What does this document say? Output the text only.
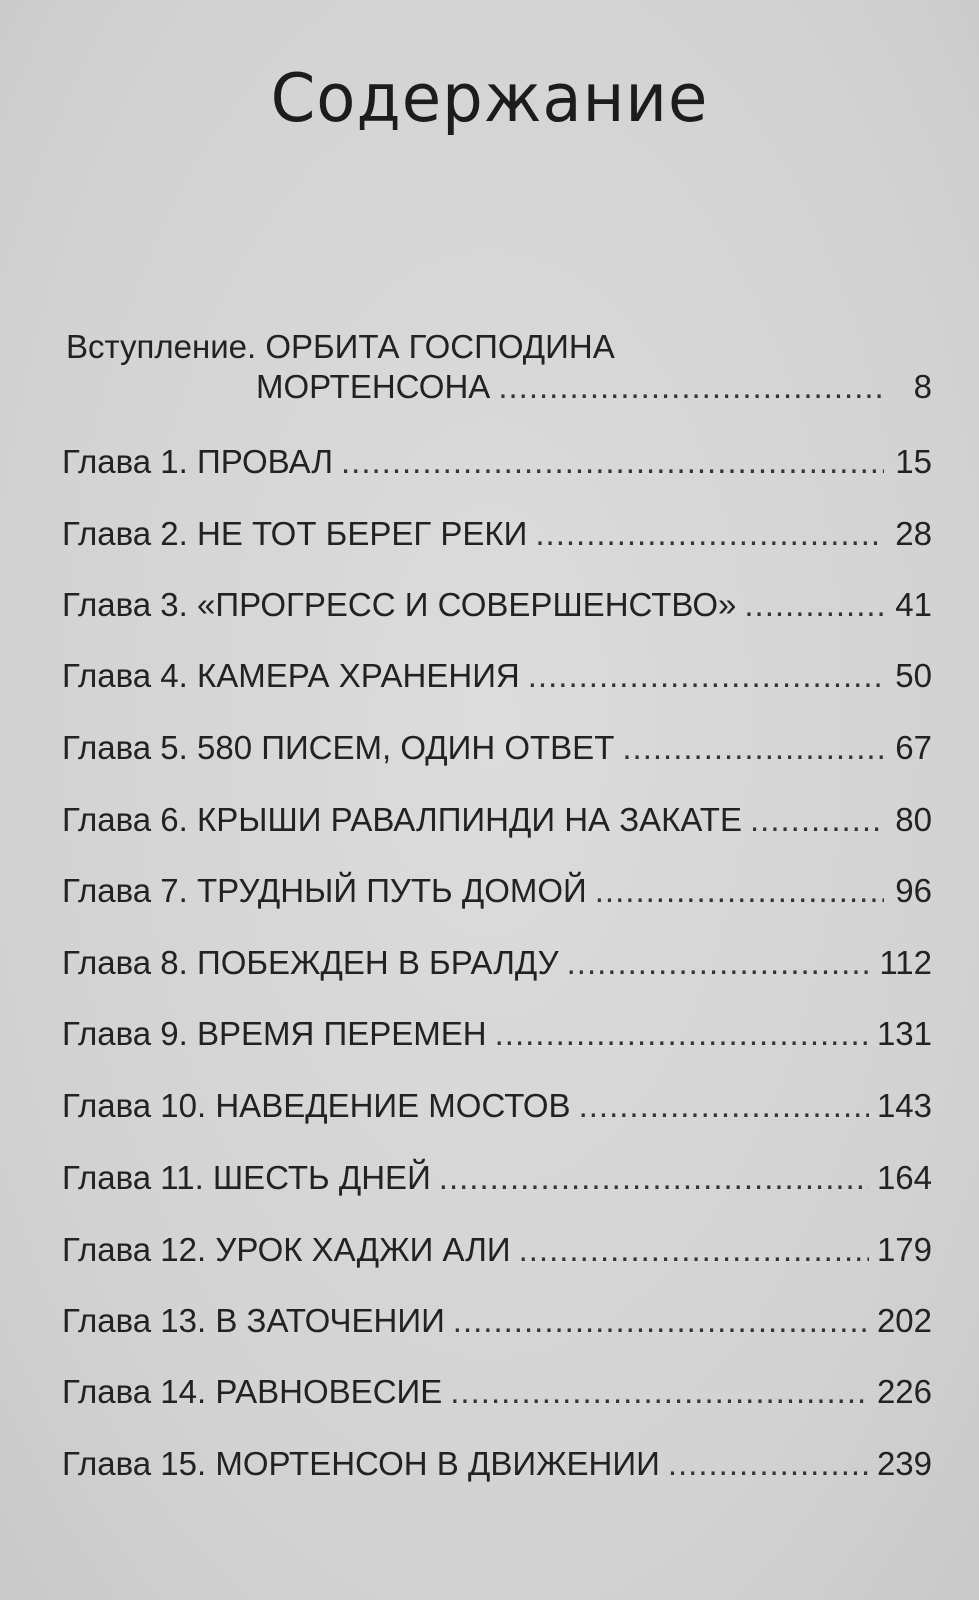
Содержание
Вступление. ОРБИТА ГОСПОДИНА
МОРТЕНСОНА .....	8
Глава 1. ПРОВАЛ .....	15
Глава 2. НЕ ТОТ БЕРЕГ РЕКИ .....	28
Глава 3. «ПРОГРЕСС И СОВЕРШЕНСТВО» .....	41
Глава 4. КАМЕРА ХРАНЕНИЯ .....	50
Глава 5. 580 ПИСЕМ, ОДИН ОТВЕТ .....	67
Глава 6. КРЫШИ РАВАЛПИНДИ НА ЗАКАТЕ .....	80
Глава 7. ТРУДНЫЙ ПУТЬ ДОМОЙ .....	96
Глава 8. ПОБЕЖДЕН В БРАЛДУ .....	112
Глава 9. ВРЕМЯ ПЕРЕМЕН .....	131
Глава 10. НАВЕДЕНИЕ МОСТОВ .....	143
Глава 11. ШЕСТЬ ДНЕЙ .....	164
Глава 12. УРОК ХАДЖИ АЛИ .....	179
Глава 13. В ЗАТОЧЕНИИ .....	202
Глава 14. РАВНОВЕСИЕ .....	226
Глава 15. МОРТЕНСОН В ДВИЖЕНИИ .....	239
